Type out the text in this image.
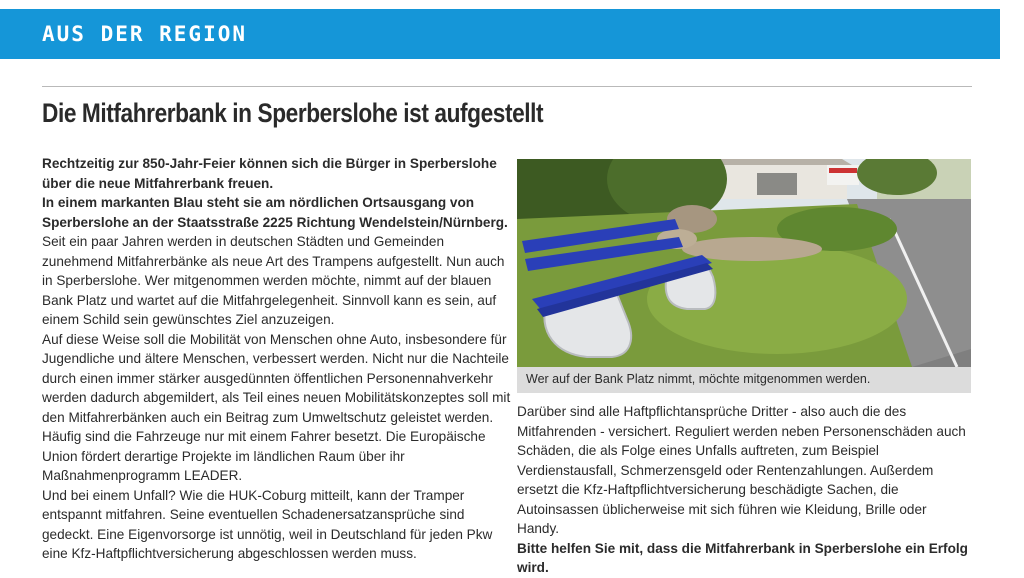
AUS DER REGION
Die Mitfahrerbank in Sperberslohe ist aufgestellt

Rechtzeitig zur 850-Jahr-Feier können sich die Bürger in Sperberslohe über die neue Mitfahrerbank freuen.

In einem markanten Blau steht sie am nördlichen Ortsausgang von Sperberslohe an der Staatsstraße 2225 Richtung Wendelstein/Nürnberg.

Seit ein paar Jahren werden in deutschen Städten und Gemeinden zunehmend Mitfahrerbänke als neue Art des Trampens aufgestellt. Nun auch in Sperberslohe. Wer mitgenommen werden möchte, nimmt auf der blauen Bank Platz und wartet auf die Mitfahrgelegenheit. Sinnvoll kann es sein, auf einem Schild sein gewünschtes Ziel anzuzeigen.

Auf diese Weise soll die Mobilität von Menschen ohne Auto, insbesondere für Jugendliche und ältere Menschen, verbessert werden. Nicht nur die Nachteile durch einen immer stärker ausgedünnten öffentlichen Personennahverkehr werden dadurch abgemildert, als Teil eines neuen Mobilitätskonzeptes soll mit den Mitfahrerbänken auch ein Beitrag zum Umweltschutz geleistet werden. Häufig sind die Fahrzeuge nur mit einem Fahrer besetzt. Die Europäische Union fördert derartige Projekte im ländlichen Raum über ihr Maßnahmenprogramm LEADER.

Und bei einem Unfall? Wie die HUK-Coburg mitteilt, kann der Tramper entspannt mitfahren. Seine eventuellen Schadenersatzansprüche sind gedeckt. Eine Eigenvorsorge ist unnötig, weil in Deutschland für jeden Pkw eine Kfz-Haftpflichtversicherung abgeschlossen werden muss.

Wer auf der Bank Platz nimmt, möchte mitgenommen werden.

Darüber sind alle Haftpflichtansprüche Dritter - also auch die des Mitfahrenden - versichert. Reguliert werden neben Personenschäden auch Schäden, die als Folge eines Unfalls auftreten, zum Beispiel Verdienstausfall, Schmerzensgeld oder Rentenzahlungen. Außerdem ersetzt die Kfz-Haftpflichtversicherung beschädigte Sachen, die Autoinsassen üblicherweise mit sich führen wie Kleidung, Brille oder Handy.

Bitte helfen Sie mit, dass die Mitfahrerbank in Sperberslohe ein Erfolg wird.
